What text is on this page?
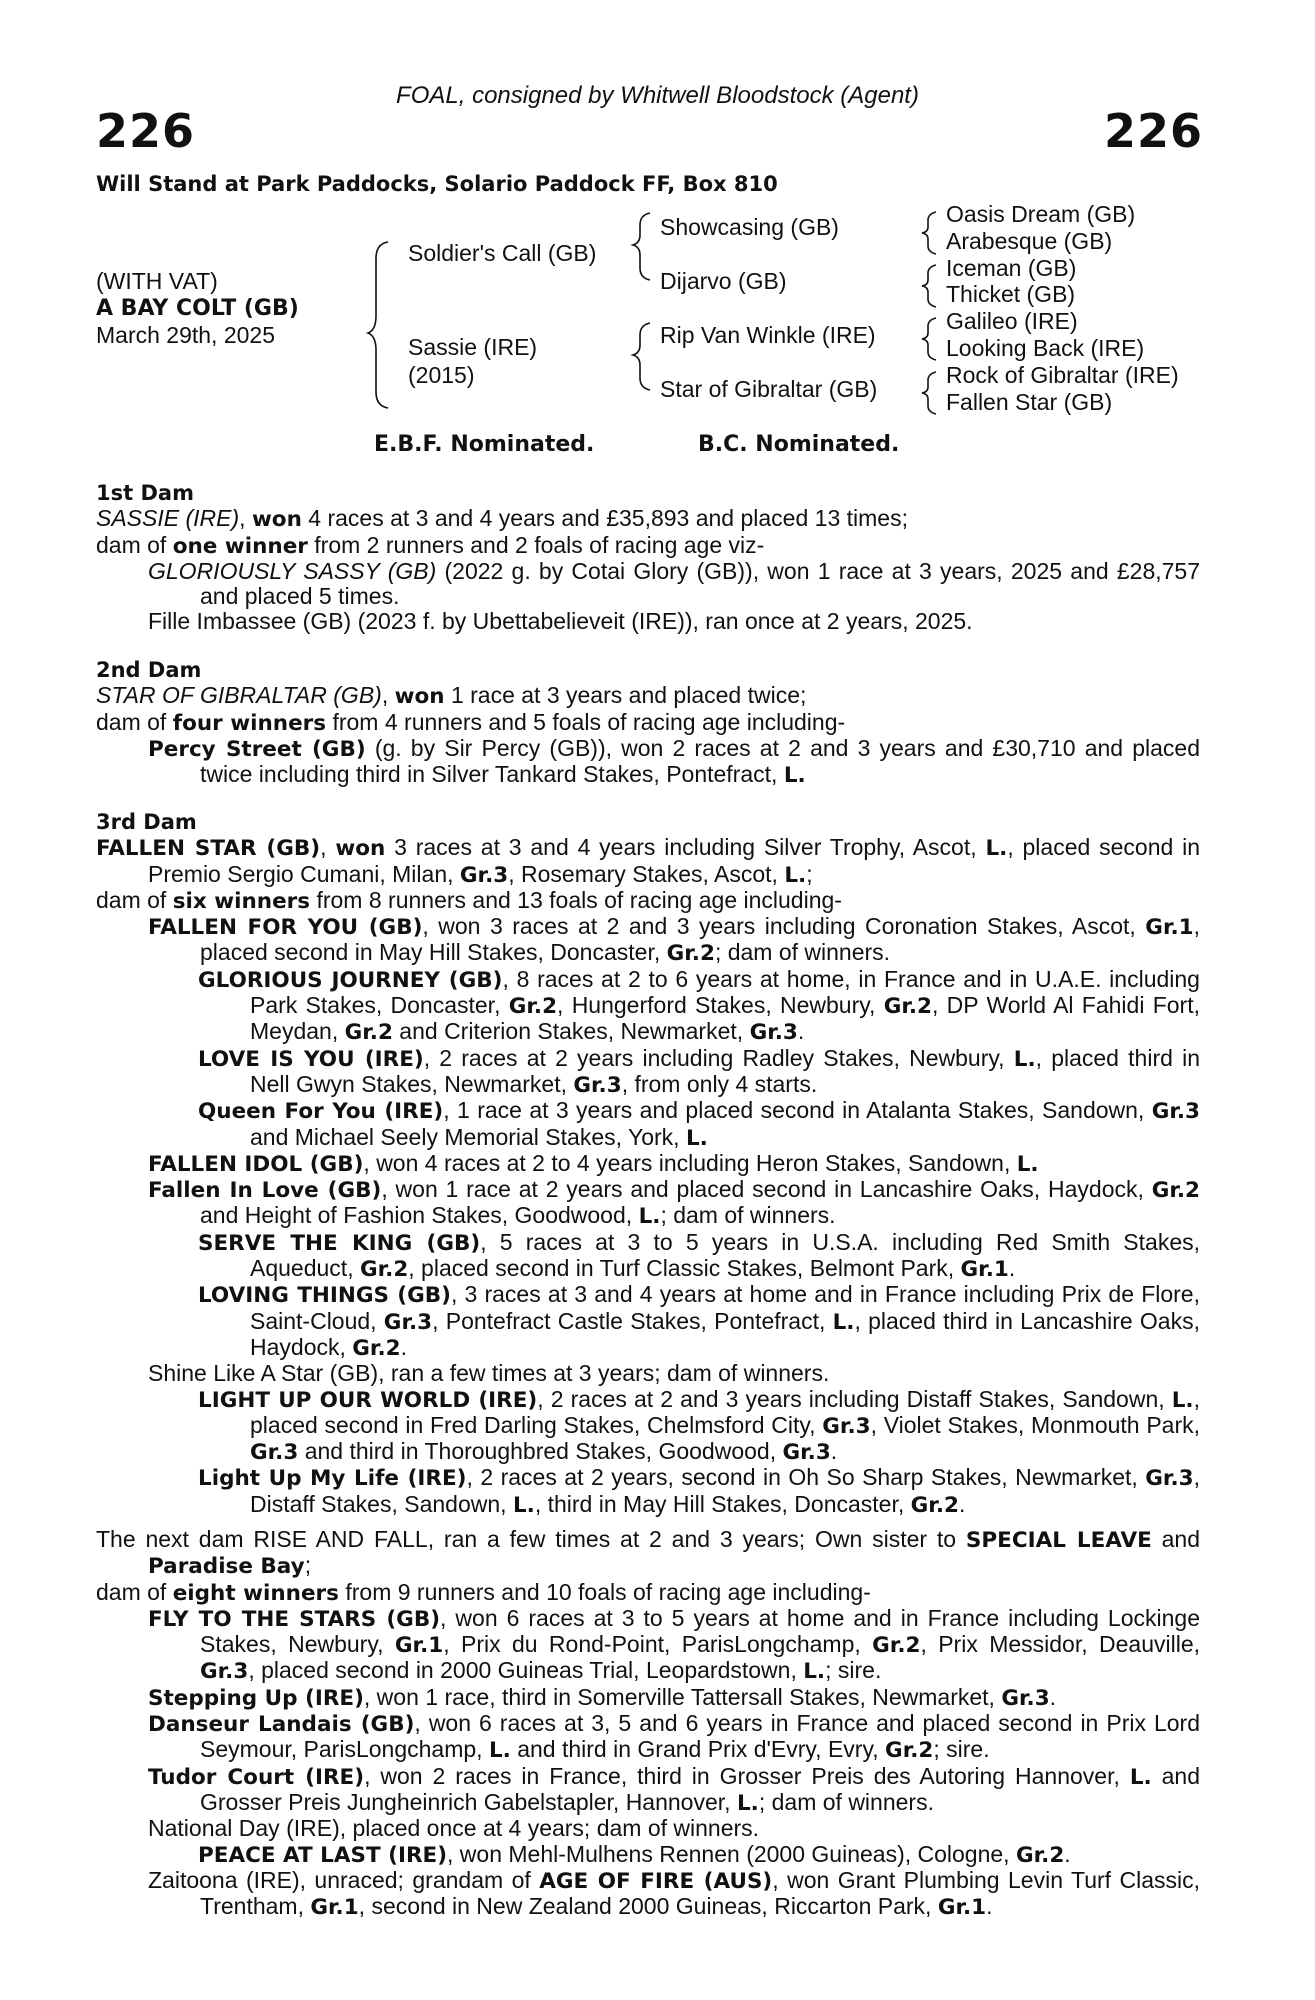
226	226
FOAL, consigned by Whitwell Bloodstock (Agent)
Will Stand at Park Paddocks, Solario Paddock FF, Box 810
(WITH VAT)
A BAY COLT (GB)
March 29th, 2025
Soldier's Call (GB)
Sassie (IRE)
(2015)
Showcasing (GB)
Dijarvo (GB)
Rip Van Winkle (IRE)
Star of Gibraltar (GB)
Oasis Dream (GB)
Arabesque (GB)
Iceman (GB)
Thicket (GB)
Galileo (IRE)
Looking Back (IRE)
Rock of Gibraltar (IRE)
Fallen Star (GB)
E.B.F. Nominated.	B.C. Nominated.
1st Dam
SASSIE (IRE), won 4 races at 3 and 4 years and £35,893 and placed 13 times;
dam of one winner from 2 runners and 2 foals of racing age viz-
GLORIOUSLY SASSY (GB) (2022 g. by Cotai Glory (GB)), won 1 race at 3 years, 2025 and £28,757 and placed 5 times.
Fille Imbassee (GB) (2023 f. by Ubettabelieveit (IRE)), ran once at 2 years, 2025.
2nd Dam
STAR OF GIBRALTAR (GB), won 1 race at 3 years and placed twice;
dam of four winners from 4 runners and 5 foals of racing age including-
Percy Street (GB) (g. by Sir Percy (GB)), won 2 races at 2 and 3 years and £30,710 and placed twice including third in Silver Tankard Stakes, Pontefract, L.
3rd Dam
FALLEN STAR (GB), won 3 races at 3 and 4 years including Silver Trophy, Ascot, L., placed second in Premio Sergio Cumani, Milan, Gr.3, Rosemary Stakes, Ascot, L.;
dam of six winners from 8 runners and 13 foals of racing age including-
FALLEN FOR YOU (GB), won 3 races at 2 and 3 years including Coronation Stakes, Ascot, Gr.1, placed second in May Hill Stakes, Doncaster, Gr.2; dam of winners.
GLORIOUS JOURNEY (GB), 8 races at 2 to 6 years at home, in France and in U.A.E. including Park Stakes, Doncaster, Gr.2, Hungerford Stakes, Newbury, Gr.2, DP World Al Fahidi Fort, Meydan, Gr.2 and Criterion Stakes, Newmarket, Gr.3.
LOVE IS YOU (IRE), 2 races at 2 years including Radley Stakes, Newbury, L., placed third in Nell Gwyn Stakes, Newmarket, Gr.3, from only 4 starts.
Queen For You (IRE), 1 race at 3 years and placed second in Atalanta Stakes, Sandown, Gr.3 and Michael Seely Memorial Stakes, York, L.
FALLEN IDOL (GB), won 4 races at 2 to 4 years including Heron Stakes, Sandown, L.
Fallen In Love (GB), won 1 race at 2 years and placed second in Lancashire Oaks, Haydock, Gr.2 and Height of Fashion Stakes, Goodwood, L.; dam of winners.
SERVE THE KING (GB), 5 races at 3 to 5 years in U.S.A. including Red Smith Stakes, Aqueduct, Gr.2, placed second in Turf Classic Stakes, Belmont Park, Gr.1.
LOVING THINGS (GB), 3 races at 3 and 4 years at home and in France including Prix de Flore, Saint-Cloud, Gr.3, Pontefract Castle Stakes, Pontefract, L., placed third in Lancashire Oaks, Haydock, Gr.2.
Shine Like A Star (GB), ran a few times at 3 years; dam of winners.
LIGHT UP OUR WORLD (IRE), 2 races at 2 and 3 years including Distaff Stakes, Sandown, L., placed second in Fred Darling Stakes, Chelmsford City, Gr.3, Violet Stakes, Monmouth Park, Gr.3 and third in Thoroughbred Stakes, Goodwood, Gr.3.
Light Up My Life (IRE), 2 races at 2 years, second in Oh So Sharp Stakes, Newmarket, Gr.3, Distaff Stakes, Sandown, L., third in May Hill Stakes, Doncaster, Gr.2.
The next dam RISE AND FALL, ran a few times at 2 and 3 years; Own sister to SPECIAL LEAVE and Paradise Bay;
dam of eight winners from 9 runners and 10 foals of racing age including-
FLY TO THE STARS (GB), won 6 races at 3 to 5 years at home and in France including Lockinge Stakes, Newbury, Gr.1, Prix du Rond-Point, ParisLongchamp, Gr.2, Prix Messidor, Deauville, Gr.3, placed second in 2000 Guineas Trial, Leopardstown, L.; sire.
Stepping Up (IRE), won 1 race, third in Somerville Tattersall Stakes, Newmarket, Gr.3.
Danseur Landais (GB), won 6 races at 3, 5 and 6 years in France and placed second in Prix Lord Seymour, ParisLongchamp, L. and third in Grand Prix d'Evry, Evry, Gr.2; sire.
Tudor Court (IRE), won 2 races in France, third in Grosser Preis des Autoring Hannover, L. and Grosser Preis Jungheinrich Gabelstapler, Hannover, L.; dam of winners.
National Day (IRE), placed once at 4 years; dam of winners.
PEACE AT LAST (IRE), won Mehl-Mulhens Rennen (2000 Guineas), Cologne, Gr.2.
Zaitoona (IRE), unraced; grandam of AGE OF FIRE (AUS), won Grant Plumbing Levin Turf Classic, Trentham, Gr.1, second in New Zealand 2000 Guineas, Riccarton Park, Gr.1.
